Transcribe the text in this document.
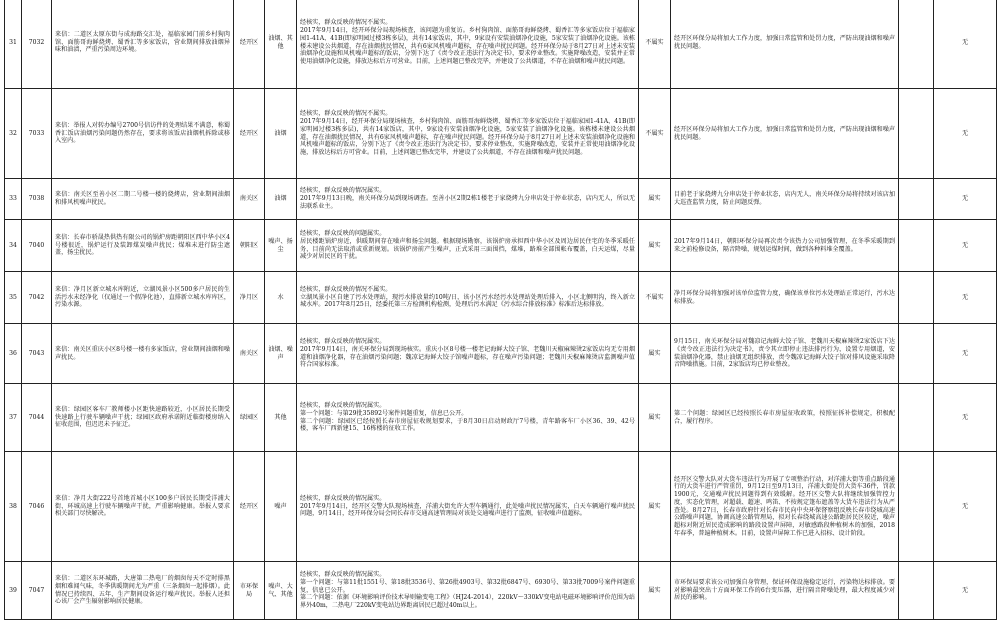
31	7032	来信：二道区太原东街与成海路交汇处，福临家园门前乡村狗肉馆、面筋哥海鲜烧烤、蜀香汇等多家饭店，营业期间排放油烟异味和油渍，严重污染周边环境。	经开区	油烟、其他	经核实，群众反映的情况不属实。
2017年9月14日，经开环保分局现场核查，该问题为重复访。乡村狗肉馆、面筋哥海鲜烧烤、蜀香汇等多家饭店位于福临家园1-41A、41B(即家明园过楼3栋多层)，共有14家饭店，其中，9家设有安装油烟净化设施，5家安装了油烟净化设施。该栋楼未建设公共烟道，存在油烟扰民情况，共有6家风机噪声超标，存在噪声扰民问题。经开环保分局于8月27日对上述未安装油烟净化设施和风机噪声超标的饭店，分别下达了《责令改正违法行为决定书》，要求停业整改。实施降噪改造，安装并正常使用油烟净化设施，排放达标后方可营业。目前，上述问题已整改完毕，并建设了公共烟道，不存在油烟和噪声扰民问题。	不属实	经开区环保分局将加大工作力度，加强日常监管和处罚力度，严防出现油烟和噪声扰民问题。		无
32	7033	来信：举报人对转办编号2700号信访件的处理结果不满意，称蜀香汇饭店油烟污染问题仍然存在，要求将该饭店油烟机拆除或移入室内。	经开区	油烟	经核实，群众反映的情况不属实。
2017年9月14日，经开环保分局现场核查，乡村狗肉馆、面筋哥海鲜烧烤、蜀香汇等多家饭店位于福临家园1-41A、41B(即家明园过楼3栋多层)，共有14家饭店，其中，9家设有安装油烟净化设施，5家安装了油烟净化设施。该栋楼未建设公共烟道，存在油烟扰民情况，共有6家风机噪声超标，存在噪声扰民问题。经开环保分局于8月27日对上述未安装油烟净化设施和风机噪声超标的饭店，分别下达了《责令改正违法行为决定书》，要求停业整改，实施降噪改造，安装并正常使用油烟净化设施，排放达标后方可营业。目前，上述问题已整改完毕，并建设了公共烟道，不存在油烟和噪声扰民问题。	不属实	经开区环保分局将加大工作力度，加强日常监管和处罚力度，严防出现油烟和噪声扰民问题。		无
33	7038	来信：南关区至善小区二期二号楼一楼的烧烤店，营业期间油烟和排风机噪声扰民。	南关区	油烟	经核实，群众反映的情况属实。
2017年9月13日晚，南关环保分局到现场调查。至善小区2期2栋1楼老于家烧烤九分串店处于停业状态，店内无人，所以无法联系业主。	属实	目前老于家烧烤九分串店处于停业状态，店内无人，南关环保分局将持续对该店加大巡查监管力度，防止问题反弹。		无
34	7040	来信：长春市骄晟热供热有限公司的锅炉房距朝阳区西中华小区4号楼很近，锅炉运行及装卸煤炭噪声扰民；煤堆未进行防尘遮盖，扬尘扰民。	朝阳区	噪声、扬尘	经核实，群众反映的问题属实。
居民楼距锅炉房近，供暖期间存在噪声和扬尘问题。根据现场勘察，该锅炉房承担西中华小区及周边居民住宅的冬季采暖任务，目前尚无法取消或重新规划。该锅炉房前产生噪声，正式采用三面围挡，煤堆，路堆全部围帐布覆盖，白天运煤，尽量减少对居民区的干扰。	属实	2017年9月14日，朝阳环保分局再次责令该热力公司加强管理，在冬季采暖期到来之前检修设备，隔音降噪，规划运煤时间，做到各种料堆全覆盖。		无
35	7042	来信：净月区新立城水库附近，立湖凤景小区500多户居民的生活污水未经净化（仅通过一个假净化池），直排新立城水库库区，污染水源。	净月区	水	经核实，群众反映的情况不属实。
立湖凤景小区自建了污水处理站，现污水排放量约10吨/日，该小区污水经污水处理站处理后排入，小区北侧明沟，终入新立城水库。2017年8月25日，经委托第三方检测机构检测，处理后污水满足《污水综合排放标准》标准后达标排放。	不属实	净月环保分局将加强对该单位监管力度，确保该单位污水处理站正常运行，污水达标排放。		无
36	7043	来信：南关区重庆小区8号楼一楼有多家饭店，营业期间油烟和噪声扰民。	南关区	油烟、噪声	经核实，群众反映的情况属实。
2017年9月14日，南关环保分局到现场核实。重庆小区8号楼一楼老记海鲜大饺子馆、老魏川天椒麻辣烫2家饭店均无专用烟道和油烟净化器，存在油烟污染问题；魏凉记海鲜大饺子馆噪声超标，存在噪声污染问题；老魏川天椒麻辣烫店监测噪声值符合国家标准。	属实	9月15日，南关环保分局对魏凉记海鲜大饺子馆、老魏川天椒麻辣烫2家饭店下达《责令改正违法行为决定书》，责令其立即停止违法排污行为，设置专用烟道，安装油烟净化器，禁止油烟无组织排放，责令魏凉记海鲜大饺子馆对排风设施采取降音降噪措施。目前，2家饭店均已停业整改。		无
37	7044	来信：绿园区客车厂教师楼小区距快速路较近，小区居民长期受快速路上行驶车辆噪声干扰；绿园区政府承诺附近临街楼房纳入征收范围，但迟迟未予征迁。	绿园区	其他	经核实，群众反映的情况属实。
第一个问题：与第29批35892号案件问题重复，信息已公开。
第二个问题：绿园区已经按照长春市房屋征收规划要求，于8月30日启动财政厅7号楼，青年路客车厂小区36、39、42号楼，客车厂西新建15、16栋楼的征收工作。	属实	第二个问题：绿园区已经按照长春市房屋征收政策，按照征拆补偿规定，积极配合，履行程序。		无
38	7046	来信：净月大街222号首地首城小区100多户居民长期受洋浦大街、环城高速上行驶车辆噪声干扰，严重影响健康。举报人要求相关部门尽快解决。	经开区	噪声	经核实，群众反映的情况属实。
2017年9月14日，经开区交警大队现场核查，洋浦大街允许大型车辆通行，此处噪声扰民情况属实，白天车辆通行噪声扰民问题，9月14日，经开环保分局会同长春市交通高速管理局对该处交通噪声进行了监测，征收噪声值超标。	属实	经开区交警大队对大货车违法行为开展了专项整治行动，对洋浦大街等重点路段通行的大货车进行严管重罚，9月12日至9月13日，洋浦大街处罚大货车36件，罚款1900元，交通噪声扰民问题得到有效缓解。经开区交警大队将继续加强管控力度，实态化管理，对超载、超速、鸣笛、不按规定篷布遮盖等大货车违法行为从严查处。8月27日，长春市政府针对长春市民向中央环保督察组反映长春市绕城高速公路噪声问题，协调高速公路管理局，拟对长春绕城高速公路距居民区较近，噪声超标对附近居民造成影响的路段设置声屏障，对敏感路段种植树木的加强，2018年春季，普遍种植树木。目前，设置声屏障工作已进入招标、设计阶段。		无
39	7047	来信：二道区东环城路，大唐第二热电厂的烟囱每天不定时排黑烟和难闻气味，冬季供暖期间尤为严重（三条烟囱一起排烟）。此情况已持续四、五年，生产期间设备运行噪声扰民。举报人还担心该厂会产生辐射影响居民健康。	市环保局	噪声、大气、其他	经核实，群众反映的情况属实。
第一个问题：与第11批1551号、第18批3536号、第26批4903号、第32批6847号、6930号、第33批7009号案件问题重复，信息已公开。
第二个问题：依据《环境影响评价技术导则输变电工程》（HJ24-2014），220kV～330kV变电站电磁环境影响评价范围为站界外40m，二热电厂220kV变电站边界距离居民已超过40m以上。	属实	市环保局要求该公司加强自身管理，保证环保设施稳定运行，污染物达标排放。要对影响最突出十方面环保工作的6台变压器，进行隔音降噪处理，最大程度减少对居民的影响。		无
